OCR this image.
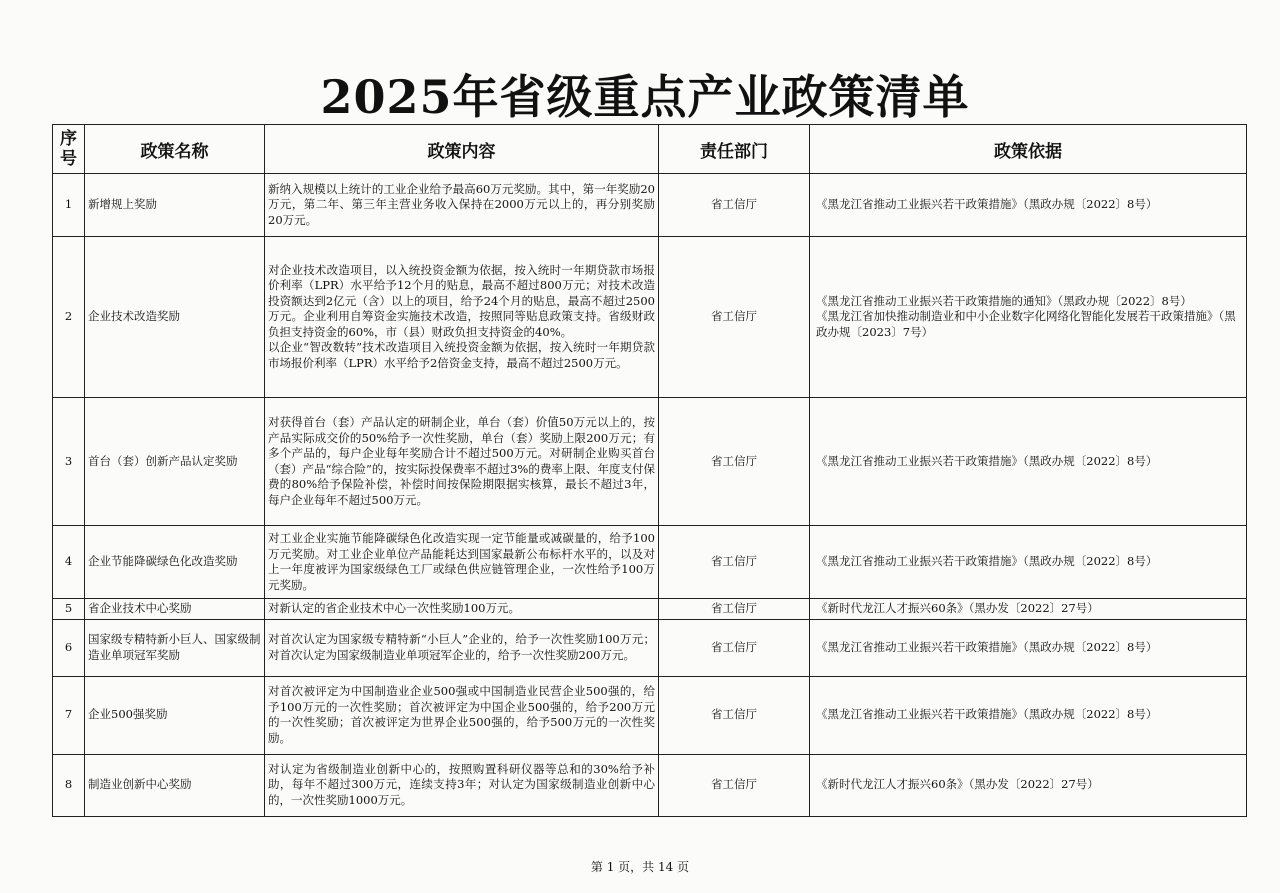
2025年省级重点产业政策清单
序号	政策名称	政策内容	责任部门	政策依据
1	新增规上奖励	新纳入规模以上统计的工业企业给予最高60万元奖励。其中，第一年奖励20万元，第二年、第三年主营业务收入保持在2000万元以上的，再分别奖励20万元。	省工信厅	《黑龙江省推动工业振兴若干政策措施》（黑政办规〔2022〕8号）

2	企业技术改造奖励	对企业技术改造项目，以入统投资金额为依据，按入统时一年期贷款市场报价利率（LPR）水平给予12个月的贴息，最高不超过800万元；对技术改造投资额达到2亿元（含）以上的项目，给予24个月的贴息，最高不超过2500万元。企业利用自筹资金实施技术改造，按照同等贴息政策支持。省级财政负担支持资金的60%，市（县）财政负担支持资金的40%。
以企业“智改数转”技术改造项目入统投资金额为依据，按入统时一年期贷款市场报价利率（LPR）水平给予2倍资金支持，最高不超过2500万元。	省工信厅	《黑龙江省推动工业振兴若干政策措施的通知》（黑政办规〔2022〕8号）
《黑龙江省加快推动制造业和中小企业数字化网络化智能化发展若干政策措施》（黑政办规〔2023〕7号）

3	首台（套）创新产品认定奖励	对获得首台（套）产品认定的研制企业，单台（套）价值50万元以上的，按产品实际成交价的50%给予一次性奖励，单台（套）奖励上限200万元；有多个产品的，每户企业每年奖励合计不超过500万元。对研制企业购买首台（套）产品“综合险”的，按实际投保费率不超过3%的费率上限、年度支付保费的80%给予保险补偿，补偿时间按保险期限据实核算，最长不超过3年，每户企业每年不超过500万元。	省工信厅	《黑龙江省推动工业振兴若干政策措施》（黑政办规〔2022〕8号）

4	企业节能降碳绿色化改造奖励	对工业企业实施节能降碳绿色化改造实现一定节能量或减碳量的，给予100万元奖励。对工业企业单位产品能耗达到国家最新公布标杆水平的，以及对上一年度被评为国家级绿色工厂或绿色供应链管理企业，一次性给予100万元奖励。	省工信厅	《黑龙江省推动工业振兴若干政策措施》（黑政办规〔2022〕8号）

5	省企业技术中心奖励	对新认定的省企业技术中心一次性奖励100万元。	省工信厅	《新时代龙江人才振兴60条》（黑办发〔2022〕27号）

6	国家级专精特新小巨人、国家级制造业单项冠军奖励	对首次认定为国家级专精特新“小巨人”企业的，给予一次性奖励100万元；对首次认定为国家级制造业单项冠军企业的，给予一次性奖励200万元。	省工信厅	《黑龙江省推动工业振兴若干政策措施》（黑政办规〔2022〕8号）

7	企业500强奖励	对首次被评定为中国制造业企业500强或中国制造业民营企业500强的，给予100万元的一次性奖励；首次被评定为中国企业500强的，给予200万元的一次性奖励；首次被评定为世界企业500强的，给予500万元的一次性奖励。	省工信厅	《黑龙江省推动工业振兴若干政策措施》（黑政办规〔2022〕8号）

8	制造业创新中心奖励	对认定为省级制造业创新中心的，按照购置科研仪器等总和的30%给予补助，每年不超过300万元，连续支持3年；对认定为国家级制造业创新中心的，一次性奖励1000万元。	省工信厅	《新时代龙江人才振兴60条》（黑办发〔2022〕27号）
第 1 页，共 14 页
